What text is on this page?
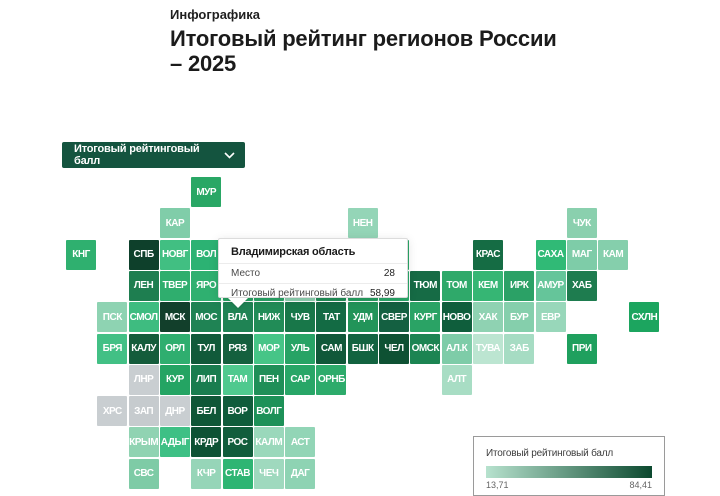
Инфографика
Итоговый рейтинг регионов России
– 2025
Итоговый рейтинговый балл
МУР
КАР	НЕН	ЧУК
КНГ	СПБ НОВГ ВОЛ	КРАС	САХА МАГ	КАМ
ЛЕН ТВЕР ЯРО	ТЮМ ТОМ	КЕМ	ИРК АМУР ХАБ
ПСК СМОЛ МСК	МОС	ВЛА	НИЖ	ЧУВ	ТАТ	УДМ СВЕР КУРГ НОВО ХАК	БУР	ЕВР	СХЛН
БРЯ КАЛУ ОРЛ	ТУЛ	РЯЗ	МОР	УЛЬ	САМ БШК	ЧЕЛ ОМСК АЛ.К ТУВА ЗАБ	ПРИ
ЛНР	КУР	ЛИП	ТАМ	ПЕН	САР ОРНБ	АЛТ
ХРС	ЗАП	ДНР	БЕЛ	ВОР ВОЛГ
КРЫМ АДЫГ КРДР РОС КАЛМ АСТ
СВС	КЧР СТАВ ЧЕЧ	ДАГ
Владимирская область
Место	28
Итоговый рейтинговый балл 58,99
Итоговый рейтинговый балл
13,71	84,41
